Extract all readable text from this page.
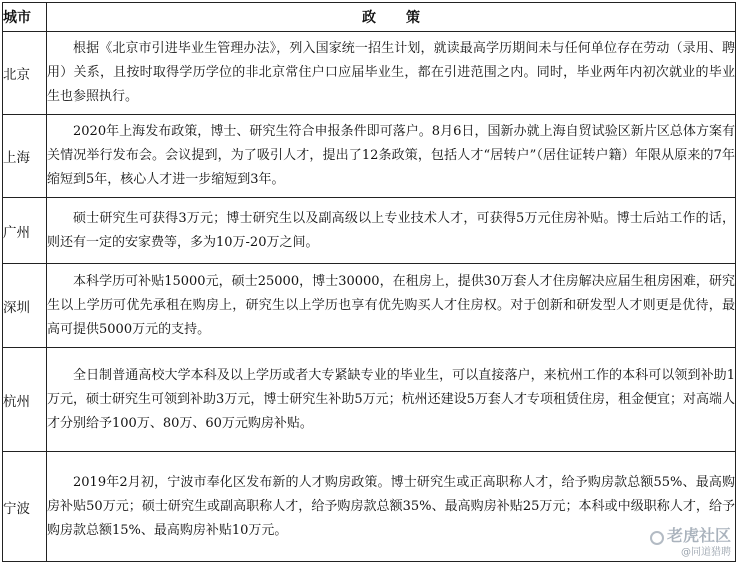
城市	政策
北京	根据《北京市引进毕业生管理办法》，列入国家统一招生计划，就读最高学历期间未与任何单位存在劳动（录用、聘用）关系，且按时取得学历学位的非北京常住户口应届毕业生，都在引进范围之内。同时，毕业两年内初次就业的毕业生也参照执行。

上海	2020年上海发布政策，博士、研究生符合申报条件即可落户。8月6日，国新办就上海自贸试验区新片区总体方案有关情况举行发布会。会议提到，为了吸引人才，提出了12条政策，包括人才“居转户”（居住证转户籍）年限从原来的7年缩短到5年，核心人才进一步缩短到3年。

广州	硕士研究生可获得3万元；博士研究生以及副高级以上专业技术人才，可获得5万元住房补贴。博士后站工作的话，则还有一定的安家费等，多为10万-20万之间。

深圳	本科学历可补贴15000元，硕士25000，博士30000，在租房上，提供30万套人才住房解决应届生租房困难，研究生以上学历可优先承租在购房上，研究生以上学历也享有优先购买人才住房权。对于创新和研发型人才则更是优待，最高可提供5000万元的支持。

杭州	全日制普通高校大学本科及以上学历或者大专紧缺专业的毕业生，可以直接落户，来杭州工作的本科可以领到补助1万元，硕士研究生可领到补助3万元，博士研究生补助5万元；杭州还建设5万套人才专项租赁住房，租金便宜；对高端人才分别给予100万、80万、60万元购房补贴。

宁波	2019年2月初，宁波市奉化区发布新的人才购房政策。博士研究生或正高职称人才，给予购房款总额55%、最高购房补贴50万元；硕士研究生或副高职称人才，给予购房款总额35%、最高购房补贴25万元；本科或中级职称人才，给予购房款总额15%、最高购房补贴10万元。	老虎社区
@同道猎聘
